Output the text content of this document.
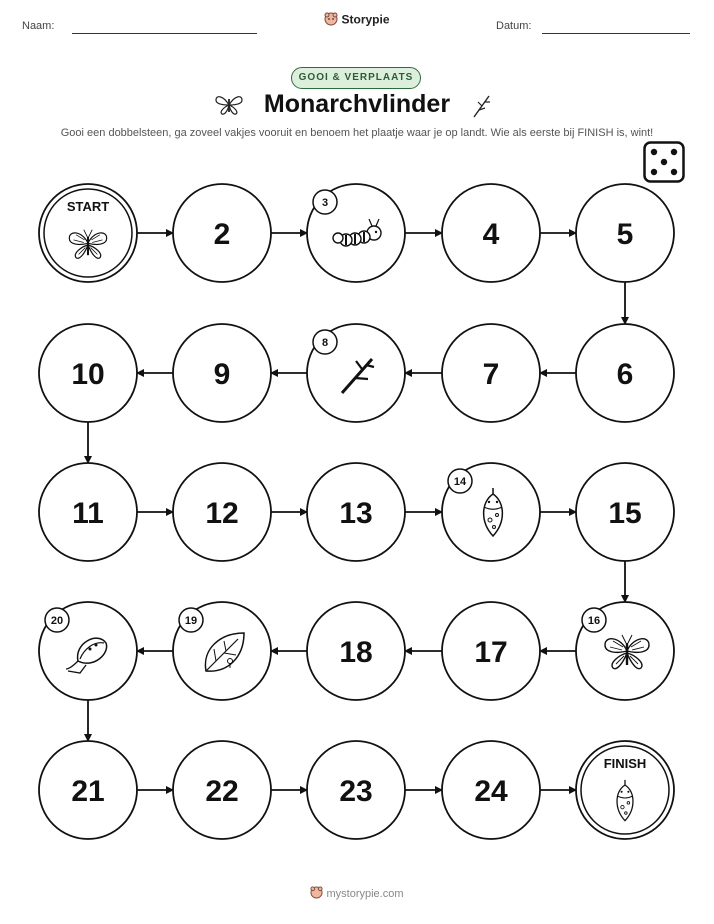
Naam:	Storypie	Datum:
GOOI & VERPLAATS
Monarchvlinder
Gooi een dobbelsteen, ga zoveel vakjes vooruit en benoem het plaatje waar je op landt. Wie als eerste bij FINISH is, wint!
START
2
3
4	5
6
7
8
9
10
11	12	13
14
15
16
17
18
19
20
21	22	23	24
FINISH
mystorypie.com
